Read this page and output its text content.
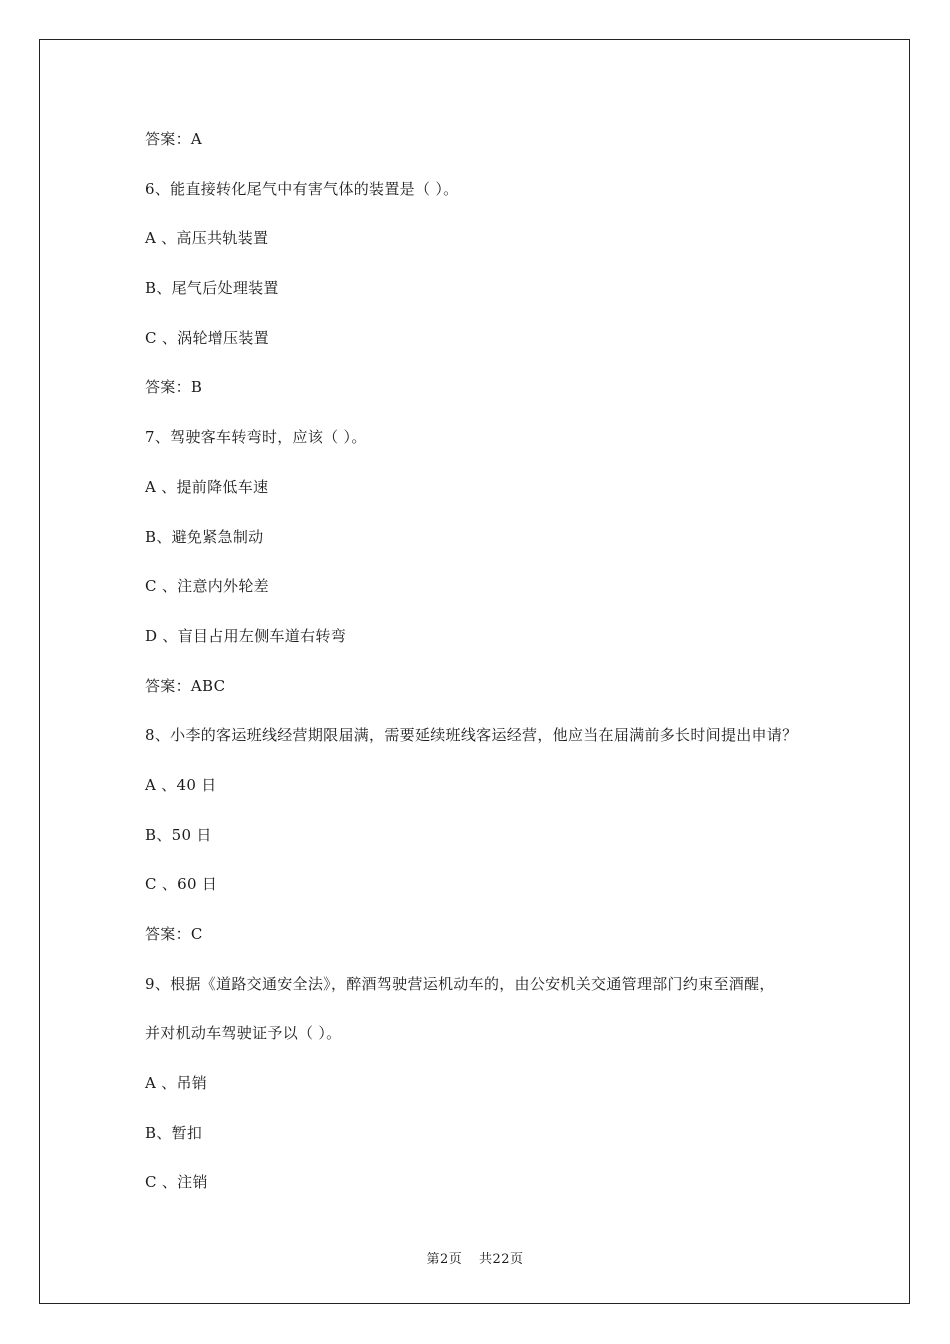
答案：A
6、能直接转化尾气中有害气体的装置是（ ）。
A 、高压共轨装置
B、尾气后处理装置
C 、涡轮增压装置
答案：B
7、驾驶客车转弯时，应该（ ）。
A 、提前降低车速
B、避免紧急制动
C 、注意内外轮差
D 、盲目占用左侧车道右转弯
答案：ABC
8、小李的客运班线经营期限届满，需要延续班线客运经营，他应当在届满前多长时间提出申请？
A 、40 日
B、50 日
C 、60 日
答案：C
9、根据《道路交通安全法》，醉酒驾驶营运机动车的，由公安机关交通管理部门约束至酒醒，
并对机动车驾驶证予以（ ）。
A 、吊销
B、暂扣
C 、注销
第2页 共22页
